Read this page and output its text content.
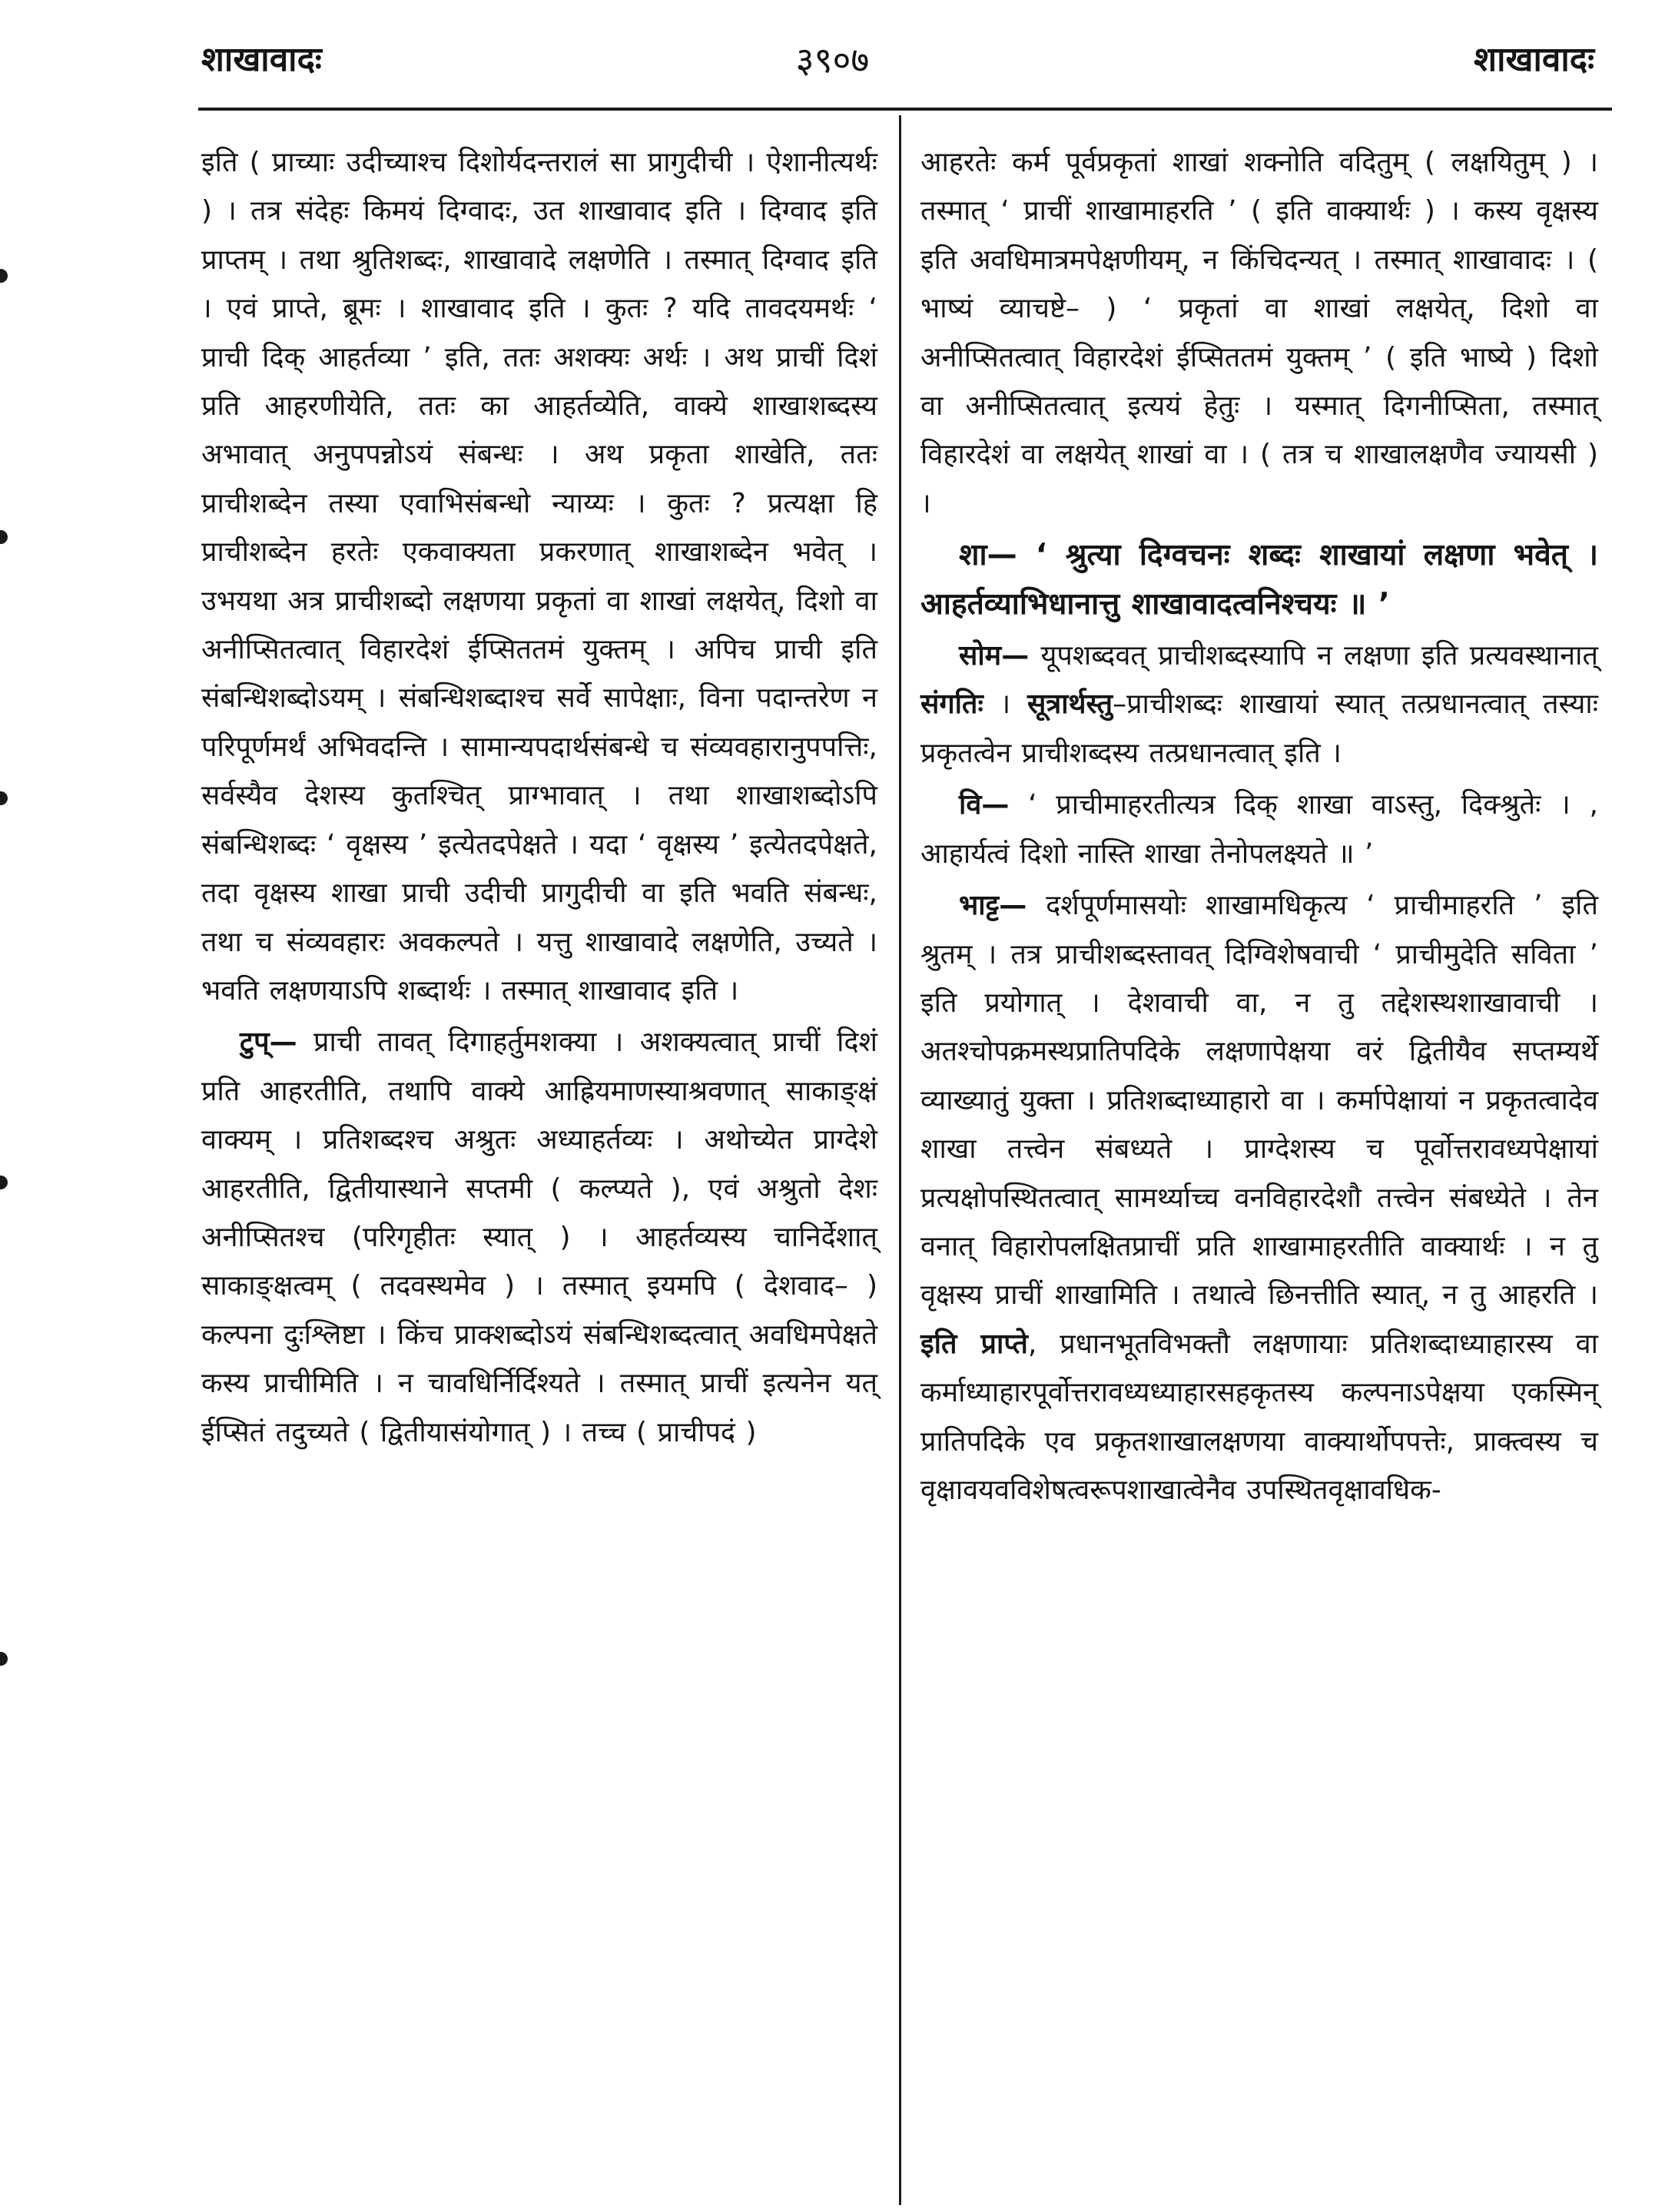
३९०७
शाखावादः	शाखावादः

इति ( प्राच्याः उदीच्याश्च दिशोर्यदन्तरालं सा प्रागुदीची । ऐशानीत्यर्थः ) । तत्र संदेहः किमयं दिग्वादः, उत शाखावाद इति । दिग्वाद इति प्राप्तम् । तथा श्रुतिशब्दः, शाखावादे लक्षणेति । तस्मात् दिग्वाद इति । एवं प्राप्ते, ब्रूमः । शाखावाद इति । कुतः ? यदि तावदयमर्थः ‘ प्राची दिक् आहर्तव्या ’ इति, ततः अशक्यः अर्थः । अथ प्राचीं दिशं प्रति आहरणीयेति, ततः का आहर्तव्येति, वाक्ये शाखाशब्दस्य अभावात् अनुपपन्नोऽयं संबन्धः । अथ प्रकृता शाखेति, ततः प्राचीशब्देन तस्या एवाभिसंबन्धो न्याय्यः । कुतः ? प्रत्यक्षा हि प्राचीशब्देन हरतेः एकवाक्यता प्रकरणात् शाखाशब्देन भवेत् । उभयथा अत्र प्राचीशब्दो लक्षणया प्रकृतां वा शाखां लक्षयेत्, दिशो वा अनीप्सितत्वात् विहारदेशं ईप्सिततमं युक्तम् । अपिच प्राची इति संबन्धिशब्दोऽयम् । संबन्धिशब्दाश्च सर्वे सापेक्षाः, विना पदान्तरेण न परिपूर्णमर्थं अभिवदन्ति । सामान्यपदार्थसंबन्धे च संव्यवहारानुपपत्तिः, सर्वस्यैव देशस्य कुतश्चित् प्राग्भावात् । तथा शाखाशब्दोऽपि संबन्धिशब्दः ‘ वृक्षस्य ’ इत्येतदपेक्षते । यदा ‘ वृक्षस्य ’ इत्येतदपेक्षते, तदा वृक्षस्य शाखा प्राची उदीची प्रागुदीची वा इति भवति संबन्धः, तथा च संव्यवहारः अवकल्पते । यत्तु शाखावादे लक्षणेति, उच्यते । भवति लक्षणयाऽपि शब्दार्थः । तस्मात् शाखावाद इति ।

टुप्— प्राची तावत् दिगाहर्तुमशक्या । अशक्यत्वात् प्राचीं दिशं प्रति आहरतीति, तथापि वाक्ये आह्रियमाणस्याश्रवणात् साकाङ्क्षं वाक्यम् । प्रतिशब्दश्च अश्रुतः अध्याहर्तव्यः । अथोच्येत प्राग्देशे आहरतीति, द्वितीयास्थाने सप्तमी ( कल्प्यते ), एवं अश्रुतो देशः अनीप्सितश्च (परिगृहीतः स्यात् ) । आहर्तव्यस्य चानिर्देशात् साकाङ्क्षत्वम् ( तदवस्थमेव ) । तस्मात् इयमपि ( देशवाद– ) कल्पना दुःश्लिष्टा । किंच प्राक्शब्दोऽयं संबन्धिशब्दत्वात् अवधिमपेक्षते कस्य प्राचीमिति । न चावधिर्निर्दिश्यते । तस्मात् प्राचीं इत्यनेन यत् ईप्सितं तदुच्यते ( द्वितीयासंयोगात् ) । तच्च ( प्राचीपदं )

आहरतेः कर्म पूर्वप्रकृतां शाखां शक्नोति वदितुम् ( लक्षयितुम् ) । तस्मात् ‘ प्राचीं शाखामाहरति ’ ( इति वाक्यार्थः ) । कस्य वृक्षस्य इति अवधिमात्रमपेक्षणीयम्, न किंचिदन्यत् । तस्मात् शाखावादः । ( भाष्यं व्याचष्टे– ) ‘ प्रकृतां वा शाखां लक्षयेत्, दिशो वा अनीप्सितत्वात् विहारदेशं ईप्सिततमं युक्तम् ’ ( इति भाष्ये ) दिशो वा अनीप्सितत्वात् इत्ययं हेतुः । यस्मात् दिगनीप्सिता, तस्मात् विहारदेशं वा लक्षयेत् शाखां वा । ( तत्र च शाखालक्षणैव ज्यायसी ) ।

शा— ‘ श्रुत्या दिग्वचनः शब्दः शाखायां लक्षणा भवेत् । आहर्तव्याभिधानात्तु शाखावादत्वनिश्चयः ॥ ’

सोम— यूपशब्दवत् प्राचीशब्दस्यापि न लक्षणा इति प्रत्यवस्थानात् संगतिः । सूत्रार्थस्तु–प्राचीशब्दः शाखायां स्यात् तत्प्रधानत्वात् तस्याः प्रकृतत्वेन प्राचीशब्दस्य तत्प्रधानत्वात् इति ।

वि— ‘ प्राचीमाहरतीत्यत्र दिक् शाखा वाऽस्तु, दिक्श्रुतेः । , आहार्यत्वं दिशो नास्ति शाखा तेनोपलक्ष्यते ॥ ’

भाट्ट— दर्शपूर्णमासयोः शाखामधिकृत्य ‘ प्राचीमाहरति ’ इति श्रुतम् । तत्र प्राचीशब्दस्तावत् दिग्विशेषवाची ‘ प्राचीमुदेति सविता ’ इति प्रयोगात् । देशवाची वा, न तु तद्देशस्थशाखावाची । अतश्चोपक्रमस्थप्रातिपदिके लक्षणापेक्षया वरं द्वितीयैव सप्तम्यर्थे व्याख्यातुं युक्ता । प्रतिशब्दाध्याहारो वा । कर्मापेक्षायां न प्रकृतत्वादेव शाखा तत्त्वेन संबध्यते । प्राग्देशस्य च पूर्वोत्तरावध्यपेक्षायां प्रत्यक्षोपस्थितत्वात् सामर्थ्याच्च वनविहारदेशौ तत्त्वेन संबध्येते । तेन वनात् विहारोपलक्षितप्राचीं प्रति शाखामाहरतीति वाक्यार्थः । न तु वृक्षस्य प्राचीं शाखामिति । तथात्वे छिनत्तीति स्यात्, न तु आहरति । इति प्राप्ते, प्रधानभूतविभक्तौ लक्षणायाः प्रतिशब्दाध्याहारस्य वा कर्माध्याहारपूर्वोत्तरावध्यध्याहारसहकृतस्य कल्पनाऽपेक्षया एकस्मिन् प्रातिपदिके एव प्रकृतशाखालक्षणया वाक्यार्थोपपत्तेः, प्राक्त्वस्य च वृक्षावयवविशेषत्वरूपशाखात्वेनैव उपस्थितवृक्षावधिक-
